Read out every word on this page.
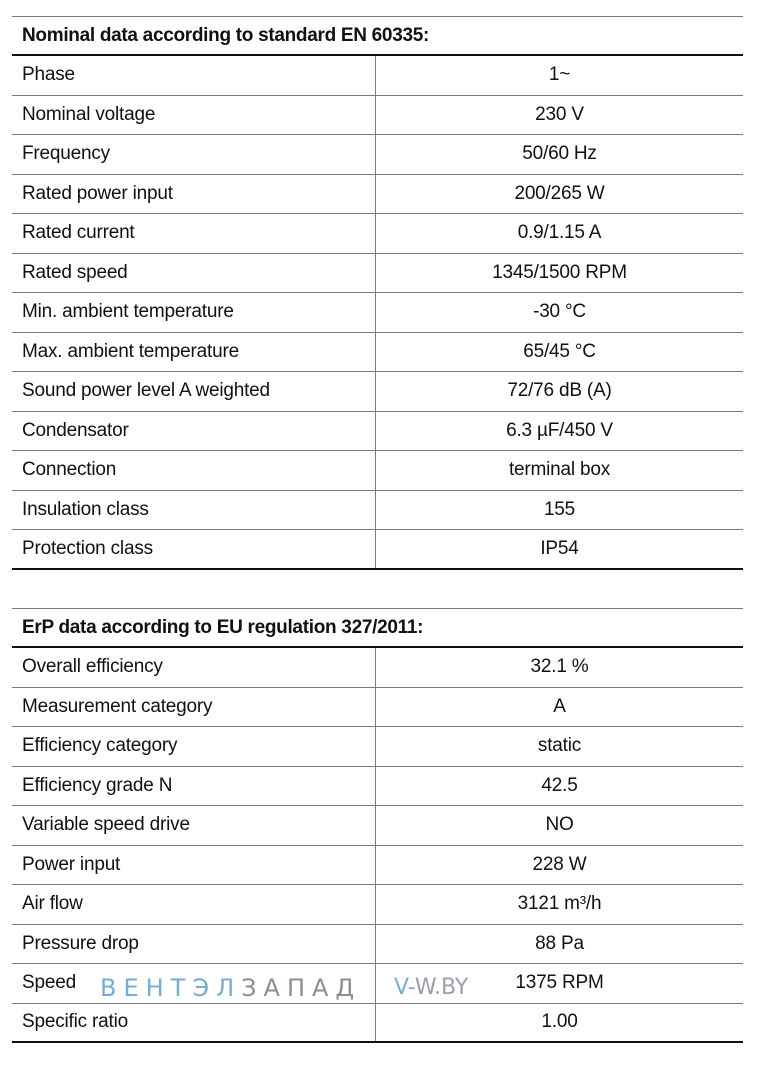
Nominal data according to standard EN 60335:
Phase	1~
Nominal voltage	230 V
Frequency	50/60 Hz
Rated power input	200/265 W
Rated current	0.9/1.15 A
Rated speed	1345/1500 RPM
Min. ambient temperature	-30 °C
Max. ambient temperature	65/45 °C
Sound power level A weighted	72/76 dB (A)
Condensator	6.3 µF/450 V
Connection	terminal box
Insulation class	155
Protection class	IP54
ErP data according to EU regulation 327/2011:
Overall efficiency	32.1 %
Measurement category	A
Efficiency category	static
Efficiency grade N	42.5
Variable speed drive	NO
Power input	228 W
Air flow	3121 m³/h
Pressure drop	88 Pa
Speed	1375 RPM
Specific ratio	1.00
ВЕНТЭЛЗАПАД V-W.BY
